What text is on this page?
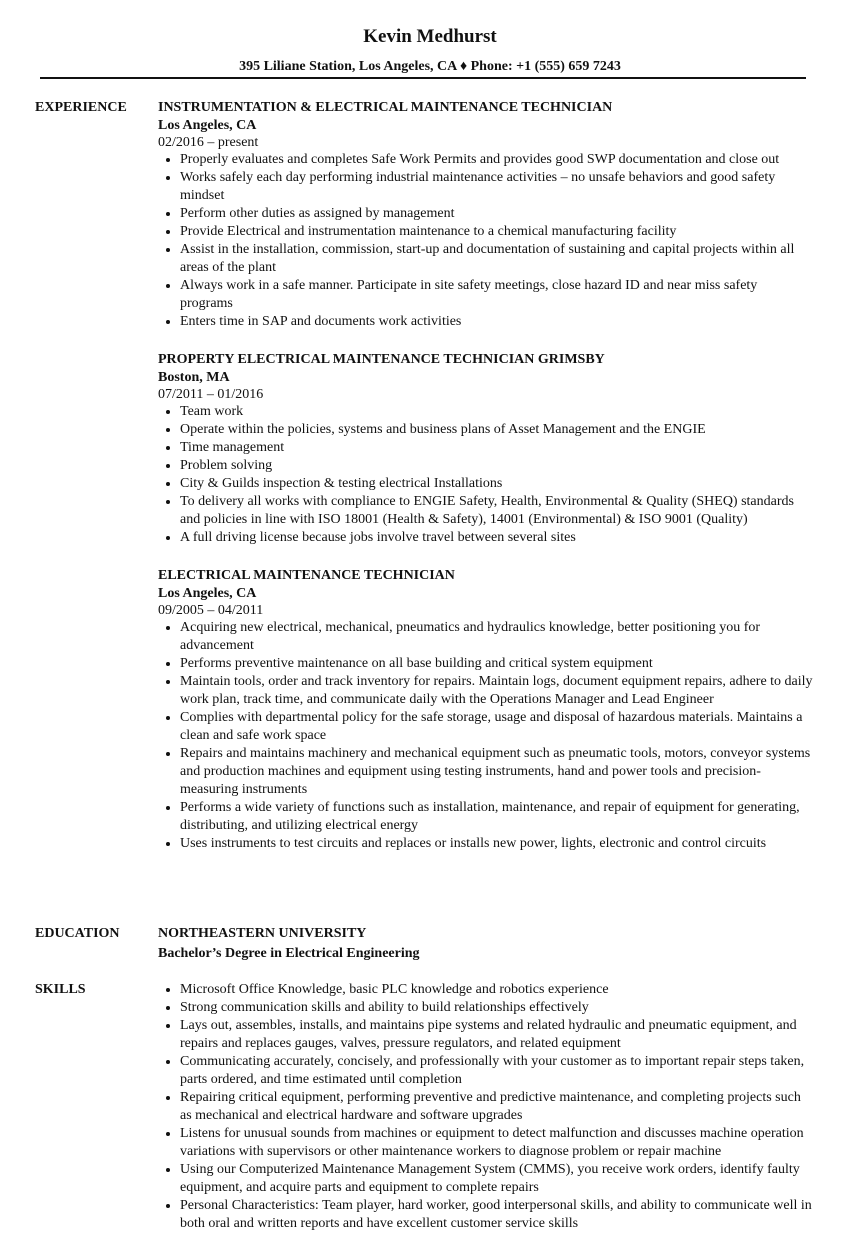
Kevin Medhurst
395 Liliane Station, Los Angeles, CA ♦ Phone: +1 (555) 659 7243
EXPERIENCE INSTRUMENTATION & ELECTRICAL MAINTENANCE TECHNICIAN
Los Angeles, CA
02/2016 – present
Properly evaluates and completes Safe Work Permits and provides good SWP documentation and close out
Works safely each day performing industrial maintenance activities – no unsafe behaviors and good safety mindset
Perform other duties as assigned by management
Provide Electrical and instrumentation maintenance to a chemical manufacturing facility
Assist in the installation, commission, start-up and documentation of sustaining and capital projects within all areas of the plant
Always work in a safe manner. Participate in site safety meetings, close hazard ID and near miss safety programs
Enters time in SAP and documents work activities
PROPERTY ELECTRICAL MAINTENANCE TECHNICIAN GRIMSBY
Boston, MA
07/2011 – 01/2016
Team work
Operate within the policies, systems and business plans of Asset Management and the ENGIE
Time management
Problem solving
City & Guilds inspection & testing electrical Installations
To delivery all works with compliance to ENGIE Safety, Health, Environmental & Quality (SHEQ) standards and policies in line with ISO 18001 (Health & Safety), 14001 (Environmental) & ISO 9001 (Quality)
A full driving license because jobs involve travel between several sites
ELECTRICAL MAINTENANCE TECHNICIAN
Los Angeles, CA
09/2005 – 04/2011
Acquiring new electrical, mechanical, pneumatics and hydraulics knowledge, better positioning you for advancement
Performs preventive maintenance on all base building and critical system equipment
Maintain tools, order and track inventory for repairs. Maintain logs, document equipment repairs, adhere to daily work plan, track time, and communicate daily with the Operations Manager and Lead Engineer
Complies with departmental policy for the safe storage, usage and disposal of hazardous materials. Maintains a clean and safe work space
Repairs and maintains machinery and mechanical equipment such as pneumatic tools, motors, conveyor systems and production machines and equipment using testing instruments, hand and power tools and precision-measuring instruments
Performs a wide variety of functions such as installation, maintenance, and repair of equipment for generating, distributing, and utilizing electrical energy
Uses instruments to test circuits and replaces or installs new power, lights, electronic and control circuits
EDUCATION	NORTHEASTERN UNIVERSITY
Bachelor’s Degree in Electrical Engineering
SKILLS	Microsoft Office Knowledge, basic PLC knowledge and robotics experience
Strong communication skills and ability to build relationships effectively
Lays out, assembles, installs, and maintains pipe systems and related hydraulic and pneumatic equipment, and repairs and replaces gauges, valves, pressure regulators, and related equipment
Communicating accurately, concisely, and professionally with your customer as to important repair steps taken, parts ordered, and time estimated until completion
Repairing critical equipment, performing preventive and predictive maintenance, and completing projects such as mechanical and electrical hardware and software upgrades
Listens for unusual sounds from machines or equipment to detect malfunction and discusses machine operation variations with supervisors or other maintenance workers to diagnose problem or repair machine
Using our Computerized Maintenance Management System (CMMS), you receive work orders, identify faulty equipment, and acquire parts and equipment to complete repairs
Personal Characteristics: Team player, hard worker, good interpersonal skills, and ability to communicate well in both oral and written reports and have excellent customer service skills
